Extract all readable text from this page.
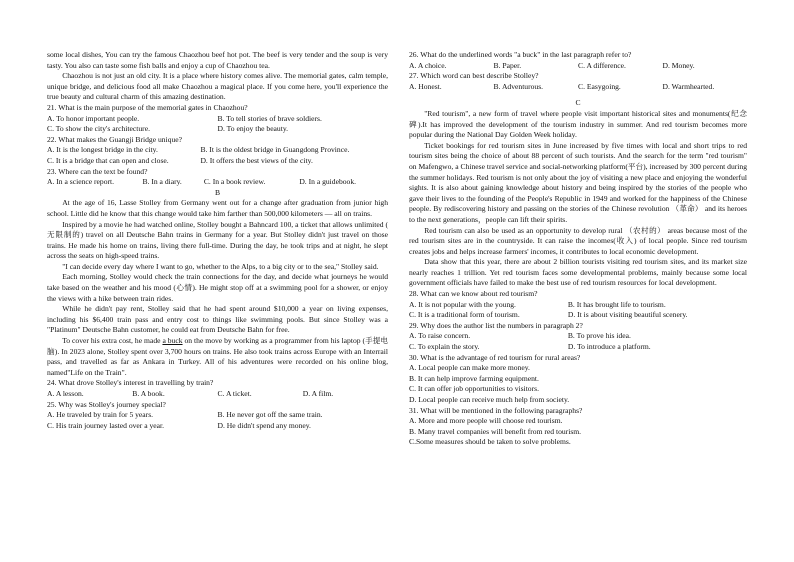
some local dishes, You can try the famous Chaozhou beef hot pot. The beef is very tender and the soup is very tasty. You also can taste some fish balls and enjoy a cup of Chaozhou tea.

Chaozhou is not just an old city. It is a place where history comes alive. The memorial gates, calm temple, unique bridge, and delicious food all make Chaozhou a magical place. If you come here, you'll experience the true beauty and cultural charm of this amazing destination.

21. What is the main purpose of the memorial gates in Chaozhou?

A. To honor important people.	B. To tell stories of brave soldiers.
C. To show the city's architecture.	D. To enjoy the beauty.

22. What makes the Guangji Bridge unique?

A. It is the longest bridge in the city.	B. It is the oldest bridge in Guangdong Province.
C. It is a bridge that can open and close.	D. It offers the best views of the city.

23. Where can the text be found?

A. In a science report.	B. In a diary.	C. In a book review.	D. In a guidebook.

B

At the age of 16, Lasse Stolley from Germany went out for a change after graduation from junior high school. Little did he know that this change would take him farther than 500,000 kilometers — all on trains.

Inspired by a movie he had watched online, Stolley bought a Bahncard 100, a ticket that allows unlimited ( 无限制的) travel on all Deutsche Bahn trains in Germany for a year. But Stolley didn't just travel on those trains. He made his home on trains, living there full-time. During the day, he took trips and at night, he slept across the seats on high-speed trains.

"I can decide every day where I want to go, whether to the Alps, to a big city or to the sea," Stolley said.

Each morning, Stolley would check the train connections for the day, and decide what journeys he would take based on the weather and his mood (心情). He might stop off at a swimming pool for a shower, or enjoy the views with a hike between train rides.

While he didn't pay rent, Stolley said that he had spent around $10,000 a year on living expenses, including his $6,400 train pass and entry cost to things like swimming pools. But since Stolley was a "Platinum" Deutsche Bahn customer, he could eat from Deutsche Bahn for free.

To cover his extra cost, he made a buck on the move by working as a programmer from his laptop (手提电脑). In 2023 alone, Stolley spent over 3,700 hours on trains. He also took trains across Europe with an Interrail pass, and travelled as far as Ankara in Turkey. All of his adventures were recorded on his online blog, named"Life on the Train".

24. What drove Stolley's interest in travelling by train?

A. A lesson.	B. A book.	C. A ticket.	D. A film.

25. Why was Stolley's journey special?

A. He traveled by train for 5 years.	B. He never got off the same train.
C. His train journey lasted over a year.	D. He didn't spend any money.

26. What do the underlined words "a buck" in the last paragraph refer to?

A. A choice.	B. Paper.	C. A difference.	D. Money.

27. Which word can best describe Stolley?

A. Honest.	B. Adventurous.	C. Easygoing.	D. Warmhearted.

C

"Red tourism", a new form of travel where people visit important historical sites and monuments(纪念碑).It has improved the development of the tourism industry in summer. And red tourism becomes more popular during the National Day Golden Week holiday.

Ticket bookings for red tourism sites in June increased by five times with local and short trips to red tourism sites being the choice of about 88 percent of such tourists. And the search for the term "red tourism" on Mafengwo, a Chinese travel service and social-networking platform(平台), increased by 300 percent during the summer holidays. Red tourism is not only about the joy of visiting a new place and enjoying the wonderful sights. It is also about gaining knowledge about history and being inspired by the stories of the people who gave their lives to the founding of the People's Republic in 1949 and worked for the happiness of the Chinese people. By rediscovering history and passing on the stories of the Chinese revolution （革命） and its heroes to the next generations，people can lift their spirits.

Red tourism can also be used as an opportunity to develop rural （农村的） areas because most of the red tourism sites are in the countryside. It can raise the incomes(收入) of local people. Since red tourism creates jobs and helps increase farmers' incomes, it contributes to local economic development.

Data show that this year, there are about 2 billion tourists visiting red tourism sites, and its market size nearly reaches 1 trillion. Yet red tourism faces some developmental problems, mainly because some local government officials have failed to make the best use of red tourism resources for local development.

28. What can we know about red tourism?

A. It is not popular with the young.	B. It has brought life to tourism.
C. It is a traditional form of tourism.	D. It is about visiting beautiful scenery.

29. Why does the author list the numbers in paragraph 2?

A. To raise concern.	B. To prove his idea.
C. To explain the story.	D. To introduce a platform.

30. What is the advantage of red tourism for rural areas?

A. Local people can make more money.

B. It can help improve farming equipment.

C. It can offer job opportunities to visitors.

D. Local people can receive much help from society.

31. What will be mentioned in the following paragraphs?

A. More and more people will choose red tourism.

B. Many travel companies will benefit from red tourism.

C.Some measures should be taken to solve problems.
